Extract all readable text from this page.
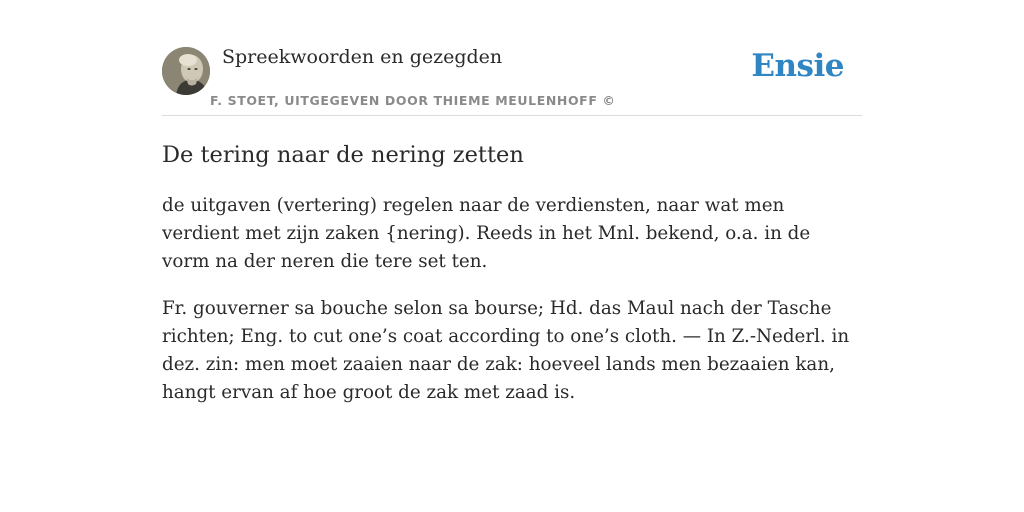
Spreekwoorden en gezegden
F. STOET, UITGEGEVEN DOOR THIEME MEULENHOFF ©
Ensie
De tering naar de nering zetten

de uitgaven (vertering) regelen naar de verdiensten, naar wat men verdient met zijn zaken {nering). Reeds in het Mnl. bekend, o.a. in de vorm na der neren die tere set ten.

Fr. gouverner sa bouche selon sa bourse; Hd. das Maul nach der Tasche richten; Eng. to cut one’s coat according to one’s cloth. — In Z.-Nederl. in dez. zin: men moet zaaien naar de zak: hoeveel lands men bezaaien kan, hangt ervan af hoe groot de zak met zaad is.
